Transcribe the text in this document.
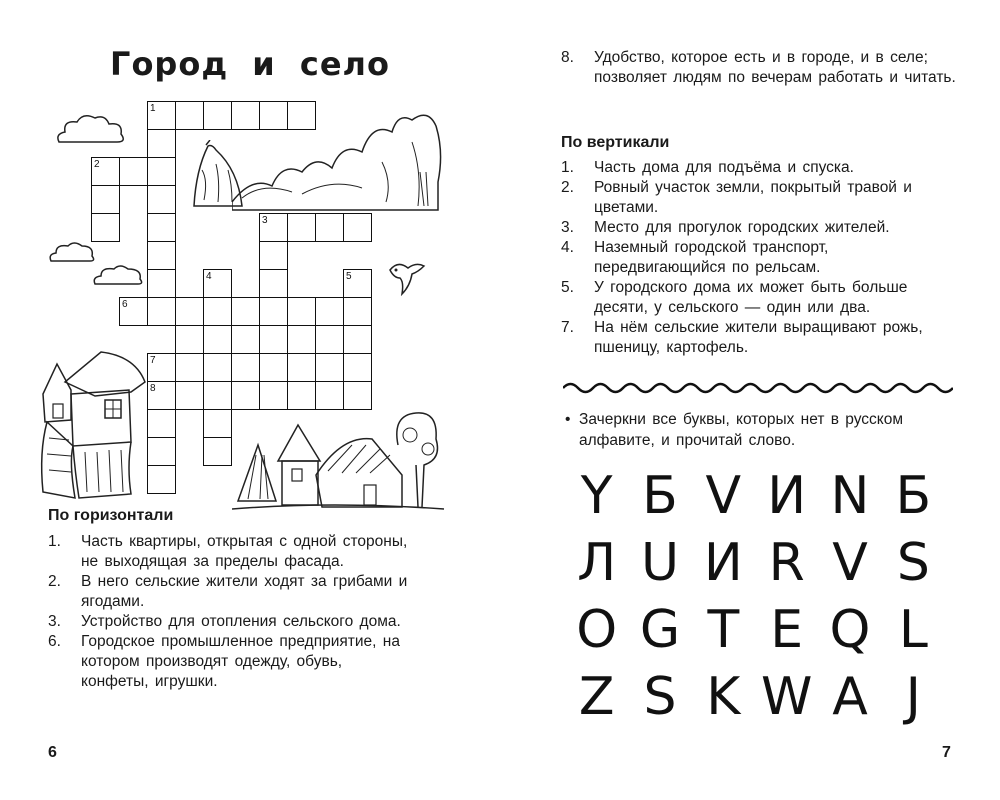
Город и село
1
2
3
4	5
6
7
8
По горизонтали
1. Часть квартиры, открытая с одной стороны, не выходящая за пределы фасада.
2. В него сельские жители ходят за грибами и ягодами.
3. Устройство для отопления сельского дома.
6. Городское промышленное предприятие, на котором производят одежду, обувь, конфеты, игрушки.
6
8. Удобство, которое есть и в городе, и в селе; позволяет людям по вечерам работать и читать.
По вертикали
1. Часть дома для подъёма и спуска.
2. Ровный участок земли, покрытый травой и цветами.
3. Место для прогулок городских жителей.
4. Наземный городской транспорт, передвигающийся по рельсам.
5. У городского дома их может быть больше десяти, у сельского — один или два.
7. На нём сельские жители выращивают рожь, пшеницу, картофель.
• Зачеркни все буквы, которых нет в русском алфавите, и прочитай слово.
Y Б V И N Б
Л U И R V S
O G T E Q L
Z S K W A J
7
